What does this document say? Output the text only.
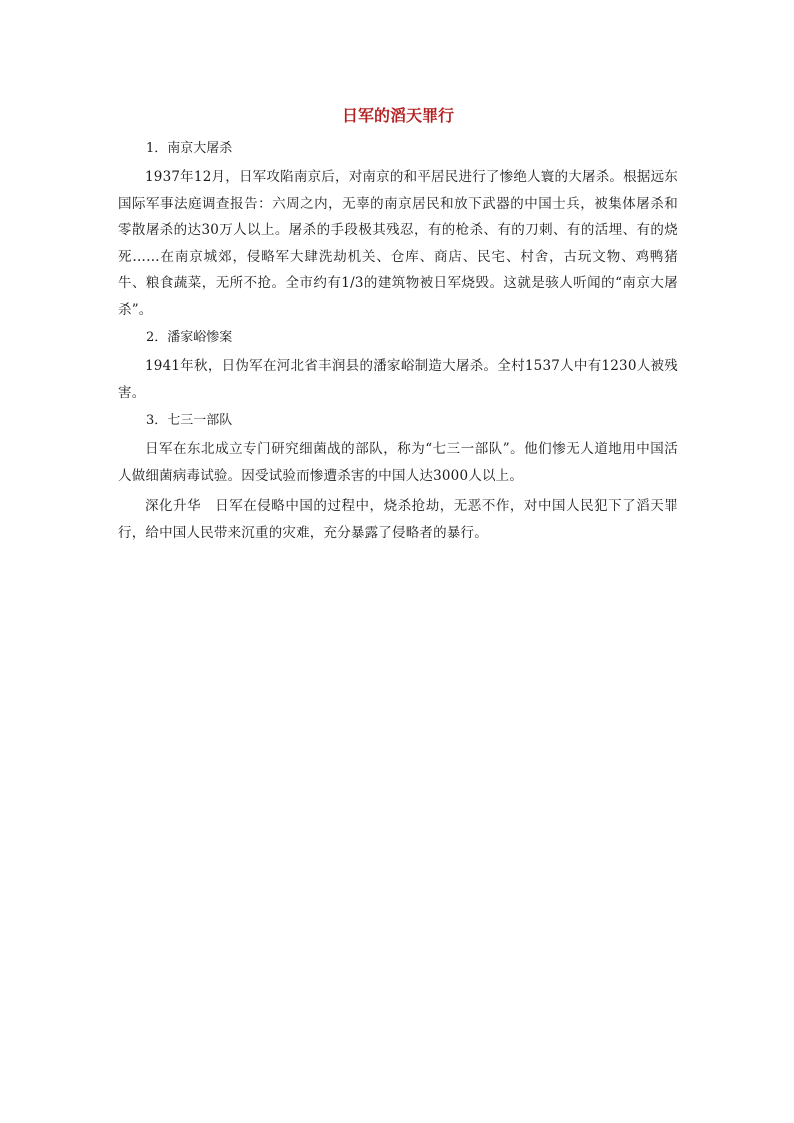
日军的滔天罪行
1．南京大屠杀

1937年12月，日军攻陷南京后，对南京的和平居民进行了惨绝人寰的大屠杀。根据远东国际军事法庭调查报告：六周之内，无辜的南京居民和放下武器的中国士兵，被集体屠杀和零散屠杀的达30万人以上。屠杀的手段极其残忍，有的枪杀、有的刀刺、有的活埋、有的烧死……在南京城郊，侵略军大肆洗劫机关、仓库、商店、民宅、村舍，古玩文物、鸡鸭猪牛、粮食蔬菜，无所不抢。全市约有1/3的建筑物被日军烧毁。这就是骇人听闻的“南京大屠杀”。

2．潘家峪惨案

1941年秋，日伪军在河北省丰润县的潘家峪制造大屠杀。全村1537人中有1230人被残害。

3．七三一部队

日军在东北成立专门研究细菌战的部队，称为“七三一部队”。他们惨无人道地用中国活人做细菌病毒试验。因受试验而惨遭杀害的中国人达3000人以上。

深化升华 日军在侵略中国的过程中，烧杀抢劫，无恶不作，对中国人民犯下了滔天罪行，给中国人民带来沉重的灾难，充分暴露了侵略者的暴行。
